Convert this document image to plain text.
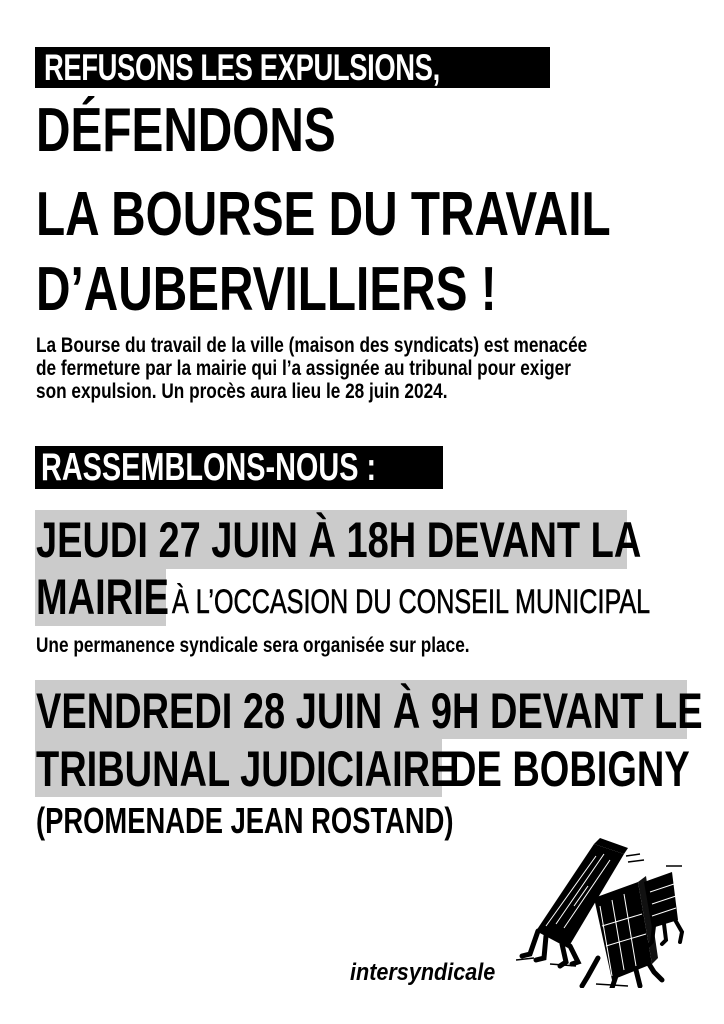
REFUSONS LES EXPULSIONS,
DÉFENDONS
LA BOURSE DU TRAVAIL
D’AUBERVILLIERS !
La Bourse du travail de la ville (maison des syndicats) est menacée
de fermeture par la mairie qui l’a assignée au tribunal pour exiger
son expulsion. Un procès aura lieu le 28 juin 2024.
RASSEMBLONS-NOUS :
JEUDI 27 JUIN À 18H DEVANT LA
MAIRIE À L’OCCASION DU CONSEIL MUNICIPAL
Une permanence syndicale sera organisée sur place.
VENDREDI 28 JUIN À 9H DEVANT LE
TRIBUNAL JUDICIAIRE
DE BOBIGNY
(PROMENADE JEAN ROSTAND)
intersyndicale
